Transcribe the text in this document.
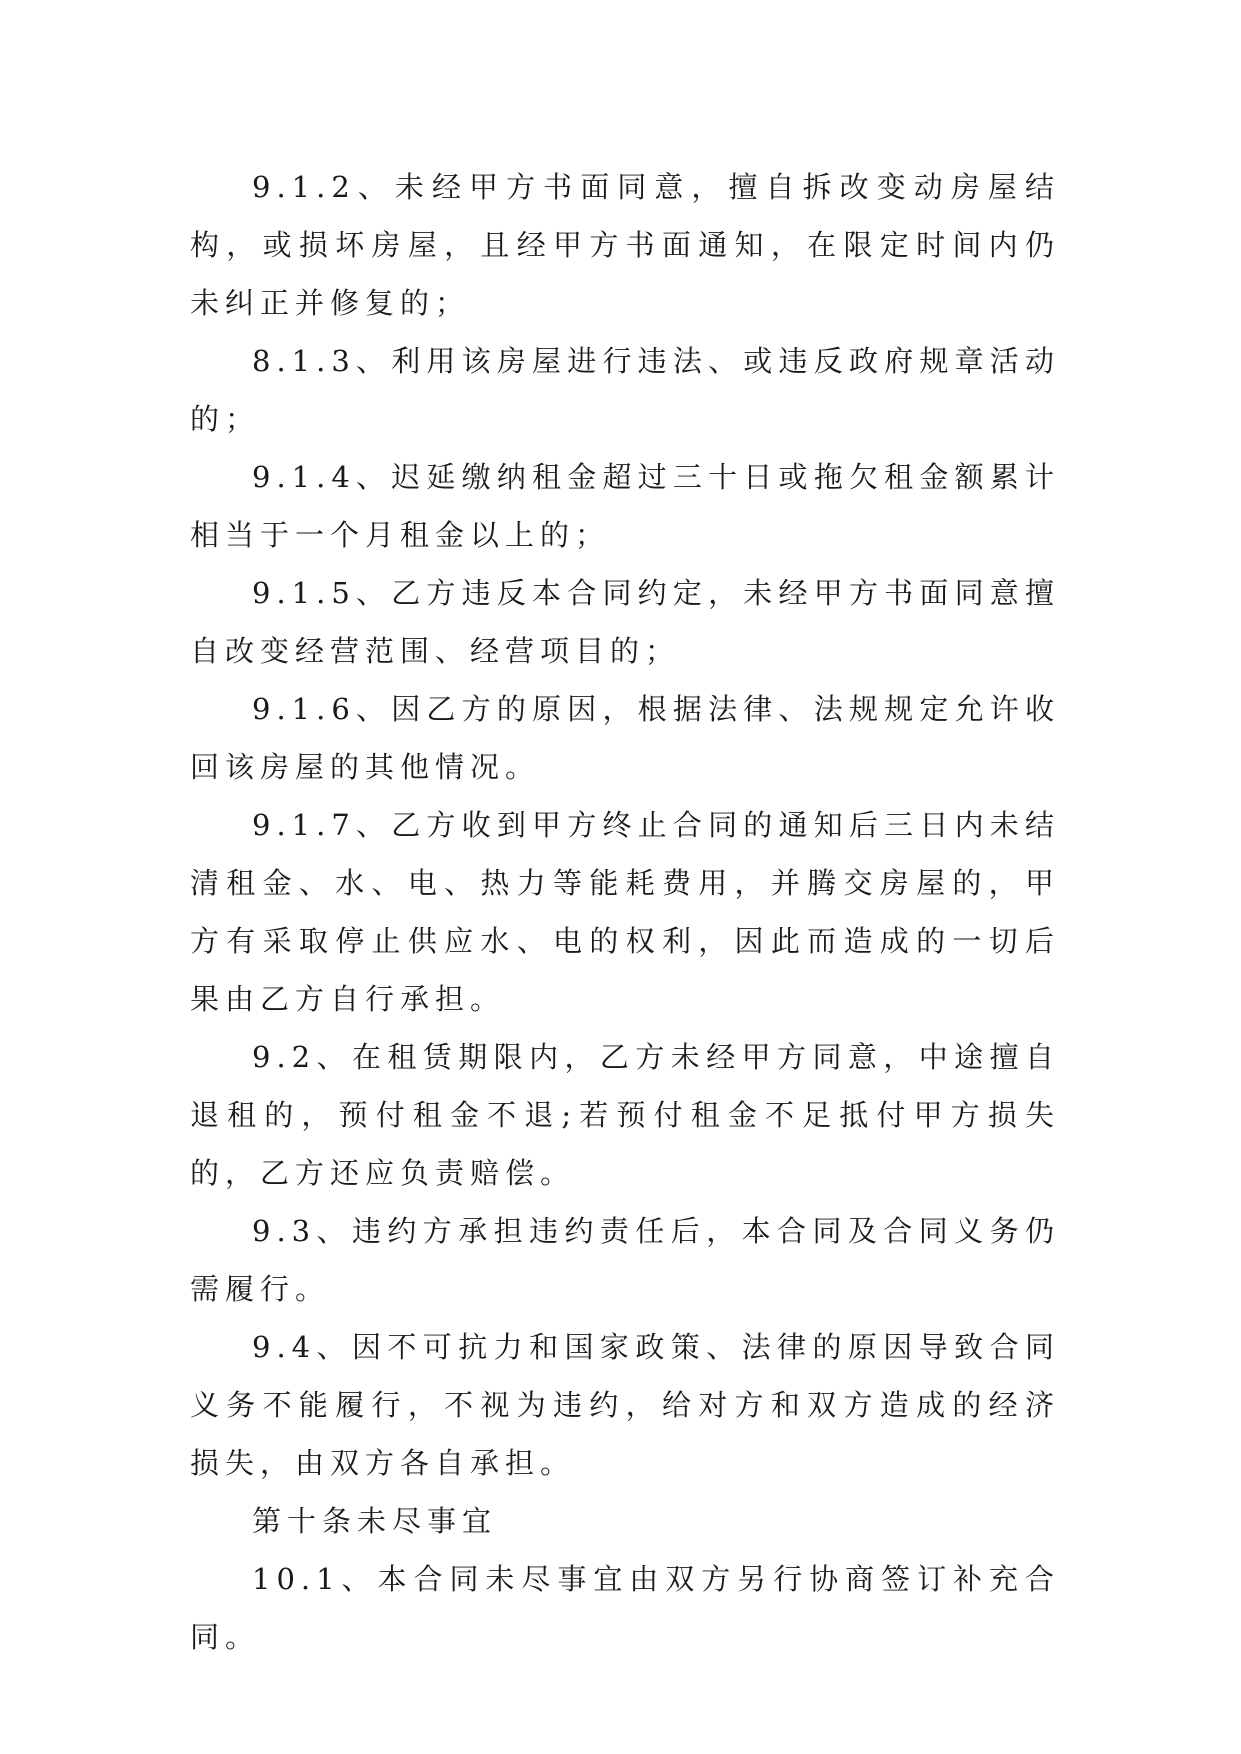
9.1.2、未经甲方书面同意，擅自拆改变动房屋结构，或损坏房屋，且经甲方书面通知，在限定时间内仍未纠正并修复的；

8.1.3、利用该房屋进行违法、或违反政府规章活动的；

9.1.4、迟延缴纳租金超过三十日或拖欠租金额累计相当于一个月租金以上的；

9.1.5、乙方违反本合同约定，未经甲方书面同意擅自改变经营范围、经营项目的；

9.1.6、因乙方的原因，根据法律、法规规定允许收回该房屋的其他情况。

9.1.7、乙方收到甲方终止合同的通知后三日内未结清租金、水、电、热力等能耗费用，并腾交房屋的，甲方有采取停止供应水、电的权利，因此而造成的一切后果由乙方自行承担。

9.2、在租赁期限内，乙方未经甲方同意，中途擅自退租的，预付租金不退;若预付租金不足抵付甲方损失的，乙方还应负责赔偿。

9.3、违约方承担违约责任后，本合同及合同义务仍需履行。

9.4、因不可抗力和国家政策、法律的原因导致合同义务不能履行，不视为违约，给对方和双方造成的经济损失，由双方各自承担。

第十条未尽事宜

10.1、本合同未尽事宜由双方另行协商签订补充合同。
